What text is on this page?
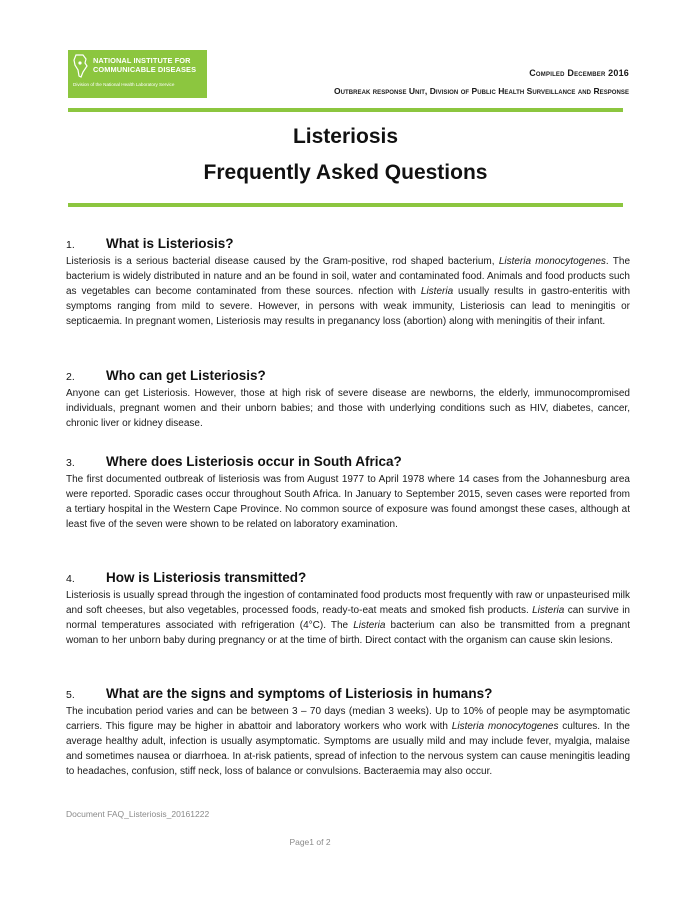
NATIONAL INSTITUTE FOR
COMMUNICABLE DISEASES
Division of the National Health Laboratory Service
Compiled December 2016
Outbreak response Unit, Division of Public Health Surveillance and Response
Listeriosis
Frequently Asked Questions
1.	What is Listeriosis?

Listeriosis is a serious bacterial disease caused by the Gram-positive, rod shaped bacterium, Listeria monocytogenes. The bacterium is widely distributed in nature and an be found in soil, water and contaminated food. Animals and food products such as vegetables can become contaminated from these sources. nfection with Listeria usually results in gastro-enteritis with symptoms ranging from mild to severe. However, in persons with weak immunity, Listeriosis can lead to meningitis or septicaemia. In pregnant women, Listeriosis may results in preganancy loss (abortion) along with meningitis of their infant.

2.	Who can get Listeriosis?

Anyone can get Listeriosis. However, those at high risk of severe disease are newborns, the elderly, immunocompromised individuals, pregnant women and their unborn babies; and those with underlying conditions such as HIV, diabetes, cancer, chronic liver or kidney disease.

3.	Where does Listeriosis occur in South Africa?

The first documented outbreak of listeriosis was from August 1977 to April 1978 where 14 cases from the Johannesburg area were reported. Sporadic cases occur throughout South Africa. In January to September 2015, seven cases were reported from a tertiary hospital in the Western Cape Province. No common source of exposure was found amongst these cases, although at least five of the seven were shown to be related on laboratory examination.

4.	How is Listeriosis transmitted?

Listeriosis is usually spread through the ingestion of contaminated food products most frequently with raw or unpasteurised milk and soft cheeses, but also vegetables, processed foods, ready-to-eat meats and smoked fish products. Listeria can survive in normal temperatures associated with refrigeration (4°C). The Listeria bacterium can also be transmitted from a pregnant woman to her unborn baby during pregnancy or at the time of birth. Direct contact with the organism can cause skin lesions.

5.	What are the signs and symptoms of Listeriosis in humans?

The incubation period varies and can be between 3 – 70 days (median 3 weeks). Up to 10% of people may be asymptomatic carriers. This figure may be higher in abattoir and laboratory workers who work with Listeria monocytogenes cultures. In the average healthy adult, infection is usually asymptomatic. Symptoms are usually mild and may include fever, myalgia, malaise and sometimes nausea or diarrhoea. In at-risk patients, spread of infection to the nervous system can cause meningitis leading to headaches, confusion, stiff neck, loss of balance or convulsions. Bacteraemia may also occur.

Document FAQ_Listeriosis_20161222
Page1 of 2
